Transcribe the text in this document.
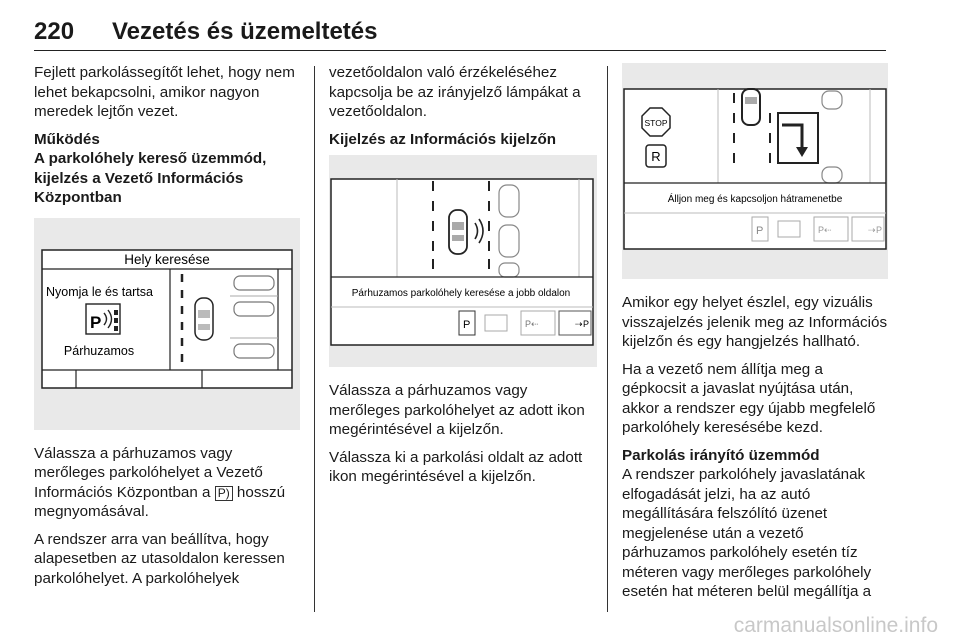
220 Vezetés és üzemeltetés

Fejlett parkolássegítőt lehet, hogy nem lehet bekapcsolni, amikor nagyon meredek lejtőn vezet.

Működés
A parkolóhely kereső üzemmód, kijelzés a Vezető Információs Központban
Hely keresése
Nyomja le és tartsa
P
Párhuzamos

Válassza a párhuzamos vagy merőleges parkolóhelyet a Vezető Információs Központban a P) hosszú megnyomásával.

A rendszer arra van beállítva, hogy alapesetben az utasoldalon keressen parkolóhelyet. A parkolóhelyek

vezetőoldalon való érzékeléséhez kapcsolja be az irányjelző lámpákat a vezetőoldalon.

Kijelzés az Információs kijelzőn
Párhuzamos parkolóhely keresése a jobb oldalon
P	P⇠	⇢ P

Válassza a párhuzamos vagy merőleges parkolóhelyet az adott ikon megérintésével a kijelzőn.

Válassza ki a parkolási oldalt az adott ikon megérintésével a kijelzőn.

STOP
R
Álljon meg és kapcsoljon hátramenetbe
P	P⇠	⇢ P

Amikor egy helyet észlel, egy vizuális visszajelzés jelenik meg az Információs kijelzőn és egy hangjelzés hallható.

Ha a vezető nem állítja meg a gépkocsit a javaslat nyújtása után, akkor a rendszer egy újabb megfelelő parkolóhely keresésébe kezd.

Parkolás irányító üzemmód

A rendszer parkolóhely javaslatának elfogadását jelzi, ha az autó megállítására felszólító üzenet megjelenése után a vezető párhuzamos parkolóhely esetén tíz méteren vagy merőleges parkolóhely esetén hat méteren belül megállítja a

carmanualsonline.info
